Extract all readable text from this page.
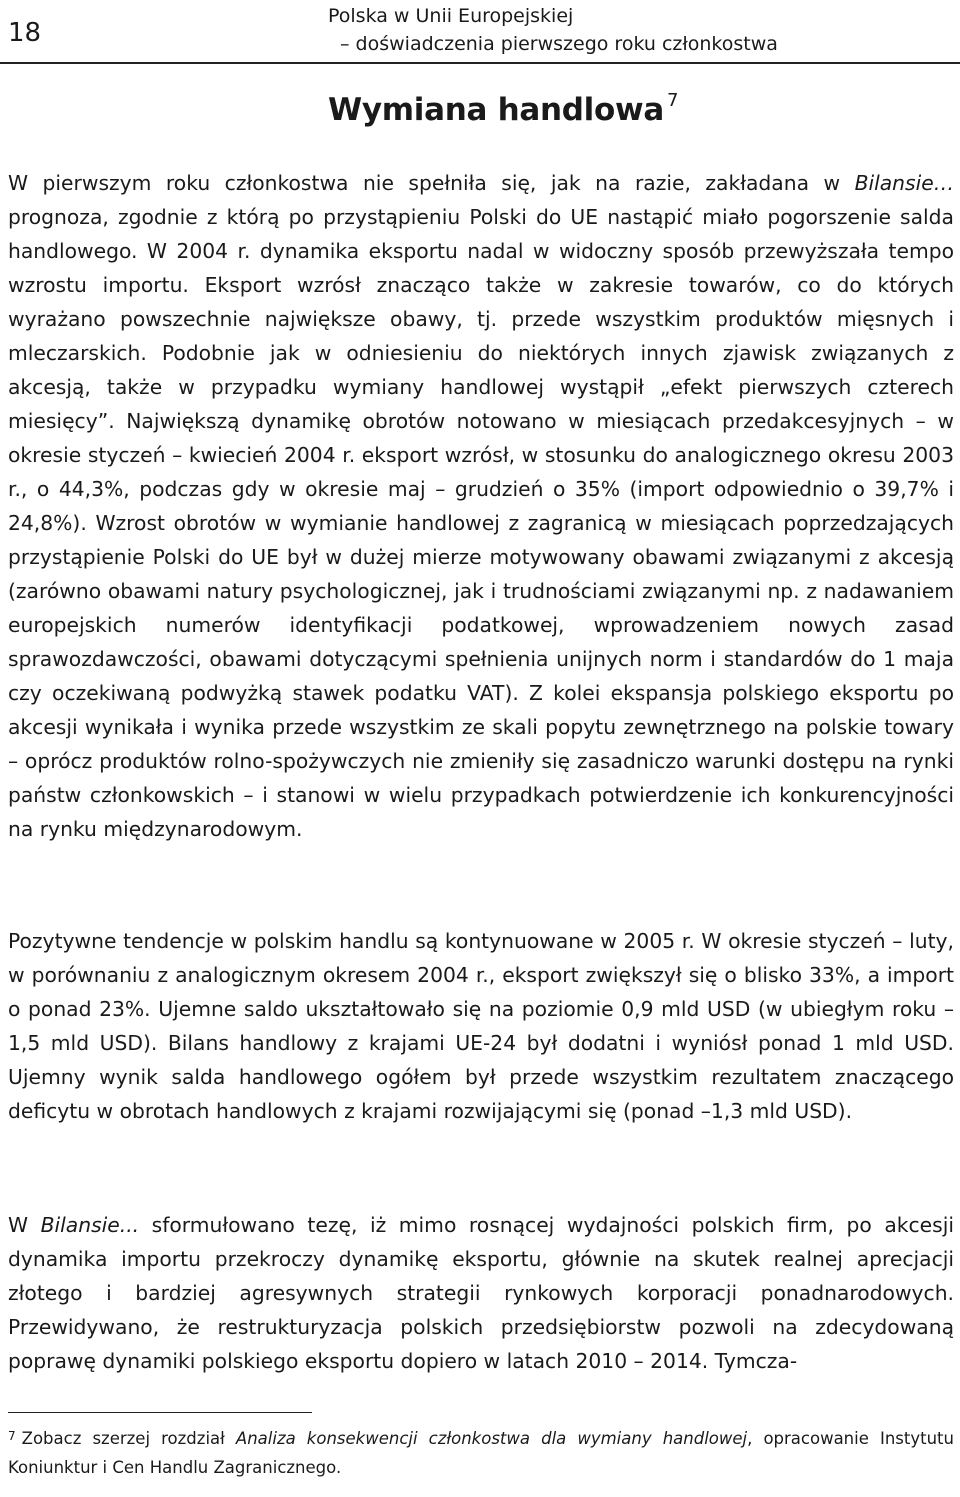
18
Polska w Unii Europejskiej
– doświadczenia pierwszego roku członkostwa
Wymiana handlowa $^7$
W pierwszym roku członkostwa nie spełniła się, jak na razie, zakładana w Bilansie… prognoza, zgodnie z którą po przystąpieniu Polski do UE nastąpić miało pogorszenie salda handlowego. W 2004 r. dynamika eksportu nadal w widoczny sposób przewyższała tempo wzrostu importu. Eksport wzrósł znacząco także w zakresie towarów, co do których wyrażano powszechnie największe obawy, tj. przede wszystkim produktów mięsnych i mleczarskich. Podobnie jak w odniesieniu do niektórych innych zjawisk związanych z akcesją, także w przypadku wymiany handlowej wystąpił „efekt pierwszych czterech miesięcy”. Największą dynamikę obrotów notowano w miesiącach przedakcesyjnych – w okresie styczeń – kwiecień 2004 r. eksport wzrósł, w stosunku do analogicznego okresu 2003 r., o 44,3%, podczas gdy w okresie maj – grudzień o 35% (import odpowiednio o 39,7% i 24,8%). Wzrost obrotów w wymianie handlowej z zagranicą w miesiącach poprzedzających przystąpienie Polski do UE był w dużej mierze motywowany obawami związanymi z akcesją (zarówno obawami natury psychologicznej, jak i trudnościami związanymi np. z nadawaniem europejskich numerów identyfikacji podatkowej, wprowadzeniem nowych zasad sprawozdawczości, obawami dotyczącymi spełnienia unijnych norm i standardów do 1 maja czy oczekiwaną podwyżką stawek podatku VAT). Z kolei ekspansja polskiego eksportu po akcesji wynikała i wynika przede wszystkim ze skali popytu zewnętrznego na polskie towary – oprócz produktów rolno-spożywczych nie zmieniły się zasadniczo warunki dostępu na rynki państw członkowskich – i stanowi w wielu przypadkach potwierdzenie ich konkurencyjności na rynku międzynarodowym.
Pozytywne tendencje w polskim handlu są kontynuowane w 2005 r. W okresie styczeń – luty, w porównaniu z analogicznym okresem 2004 r., eksport zwiększył się o blisko 33%, a import o ponad 23%. Ujemne saldo ukształtowało się na poziomie 0,9 mld USD (w ubiegłym roku – 1,5 mld USD). Bilans handlowy z krajami UE-24 był dodatni i wyniósł ponad 1 mld USD. Ujemny wynik salda handlowego ogółem był przede wszystkim rezultatem znaczącego deficytu w obrotach handlowych z krajami rozwijającymi się (ponad –1,3 mld USD).
W Bilansie... sformułowano tezę, iż mimo rosnącej wydajności polskich firm, po akcesji dynamika importu przekroczy dynamikę eksportu, głównie na skutek realnej aprecjacji złotego i bardziej agresywnych strategii rynkowych korporacji ponadnarodowych. Przewidywano, że restrukturyzacja polskich przedsiębiorstw pozwoli na zdecydowaną poprawę dynamiki polskiego eksportu dopiero w latach 2010 – 2014. Tymcza-
$^7$ Zobacz szerzej rozdział Analiza konsekwencji członkostwa dla wymiany handlowej, opracowanie Instytutu Koniunktur i Cen Handlu Zagranicznego.
